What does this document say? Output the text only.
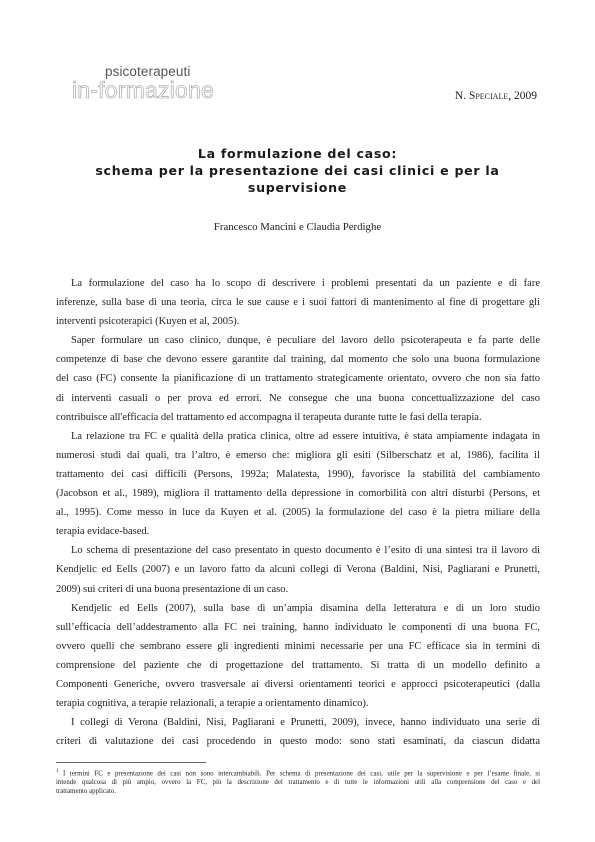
psicoterapeuti
in-formazione	N. Speciale, 2009
La formulazione del caso:
schema per la presentazione dei casi clinici e per la
supervisione
Francesco Mancini e Claudia Perdighe
La formulazione del caso ha lo scopo di descrivere i problemi presentati da un paziente e di fare
inferenze, sulla base di una teoria, circa le sue cause e i suoi fattori di mantenimento al fine di progettare gli
interventi psicoterapici (Kuyen et al, 2005).
Saper formulare un caso clinico, dunque, è peculiare del lavoro dello psicoterapeuta e fa parte delle
competenze di base che devono essere garantite dal training, dal momento che solo una buona formulazione
del caso (FC) consente la pianificazione di un trattamento strategicamente orientato, ovvero che non sia fatto
di interventi casuali o per prova ed errori. Ne consegue che una buona concettualizzazione del caso
contribuisce all'efficacia del trattamento ed accompagna il terapeuta durante tutte le fasi della terapia.
La relazione tra FC e qualità della pratica clinica, oltre ad essere intuitiva, è stata ampiamente indagata in
numerosi studi dai quali, tra l’altro, è emerso che: migliora gli esiti (Silberschatz et al, 1986), facilita il
trattamento dei casi difficili (Persons, 1992a; Malatesta, 1990), favorisce la stabilità del cambiamento
(Jacobson et al., 1989), migliora il trattamento della depressione in comorbilità con altri disturbi (Persons, et
al., 1995). Come messo in luce da Kuyen et al. (2005) la formulazione del caso è la pietra miliare della
terapia evidace-based.
Lo schema di presentazione del caso presentato in questo documento è l’esito di una sintesi tra il lavoro di
Kendjelic ed Eells (2007) e un lavoro fatto da alcuni collegi di Verona (Baldini, Nisi, Pagliarani e Prunetti,
2009) sui criteri di una buona presentazione di un caso.
Kendjelic ed Eells (2007), sulla base di un’ampia disamina della letteratura e di un loro studio
sull’efficacia dell’addestramento alla FC nei training, hanno individuato le componenti di una buona FC,
ovvero quelli che sembrano essere gli ingredienti minimi necessarie per una FC efficace sia in termini di
comprensione del paziente che di progettazione del trattamento. Si tratta di un modello definito a
Componenti Generiche, ovvero trasversale ai diversi orientamenti teorici e approcci psicoterapeutici (dalla
terapia cognitiva, a terapie relazionali, a terapie a orientamento dinamico).
I collegi di Verona (Baldini, Nisi, Pagliarani e Prunetti, 2009), invece, hanno individuato una serie di
criteri di valutazione dei casi procedendo in questo modo: sono stati esaminati, da ciascun didatta
$^1$ I termini FC e presentazione dei casi non sono intercambiabili. Per schema di presentazione dei casi, utile per la supervisione e per l’esame finale, si
intende qualcosa di più ampio, ovvero la FC, più la descrizione del trattamento e di tutte le informazioni utili alla comprensione del caso e del
trattamento applicato.
